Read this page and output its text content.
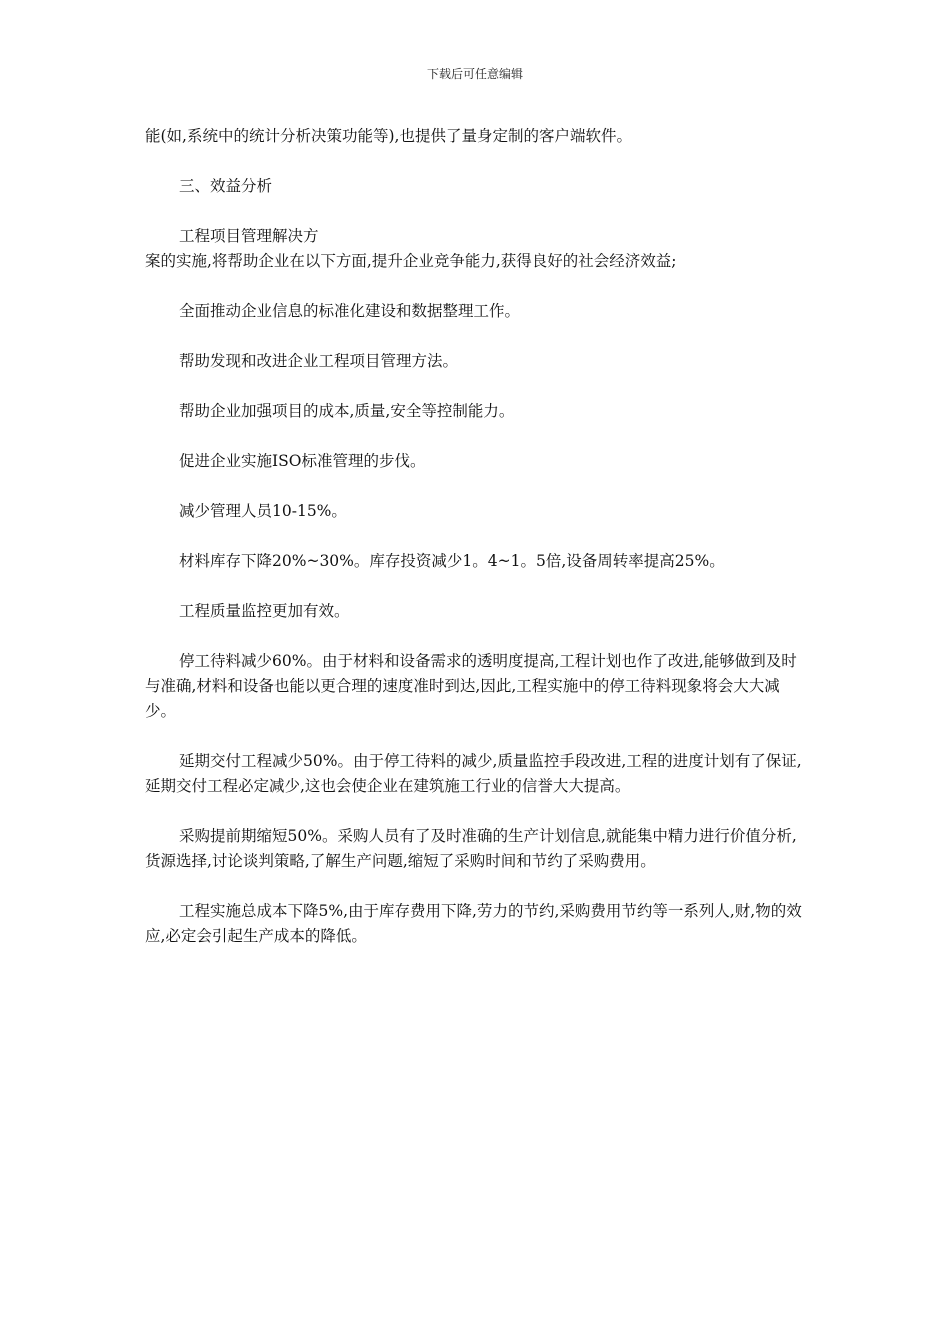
下载后可任意编辑

能(如,系统中的统计分析决策功能等),也提供了量身定制的客户端软件。

三、效益分析

工程项目管理解决方

案的实施,将帮助企业在以下方面,提升企业竞争能力,获得良好的社会经济效益;

全面推动企业信息的标准化建设和数据整理工作。

帮助发现和改进企业工程项目管理方法。

帮助企业加强项目的成本,质量,安全等控制能力。

促进企业实施ISO标准管理的步伐。

减少管理人员10-15%。

材料库存下降20%~30%。库存投资减少1。4~1。5倍,设备周转率提高25%。

工程质量监控更加有效。

停工待料减少60%。由于材料和设备需求的透明度提高,工程计划也作了改进,能够做到及时与准确,材料和设备也能以更合理的速度准时到达,因此,工程实施中的停工待料现象将会大大减少。

延期交付工程减少50%。由于停工待料的减少,质量监控手段改进,工程的进度计划有了保证,延期交付工程必定减少,这也会使企业在建筑施工行业的信誉大大提高。

采购提前期缩短50%。采购人员有了及时准确的生产计划信息,就能集中精力进行价值分析,货源选择,讨论谈判策略,了解生产问题,缩短了采购时间和节约了采购费用。

工程实施总成本下降5%,由于库存费用下降,劳力的节约,采购费用节约等一系列人,财,物的效应,必定会引起生产成本的降低。
